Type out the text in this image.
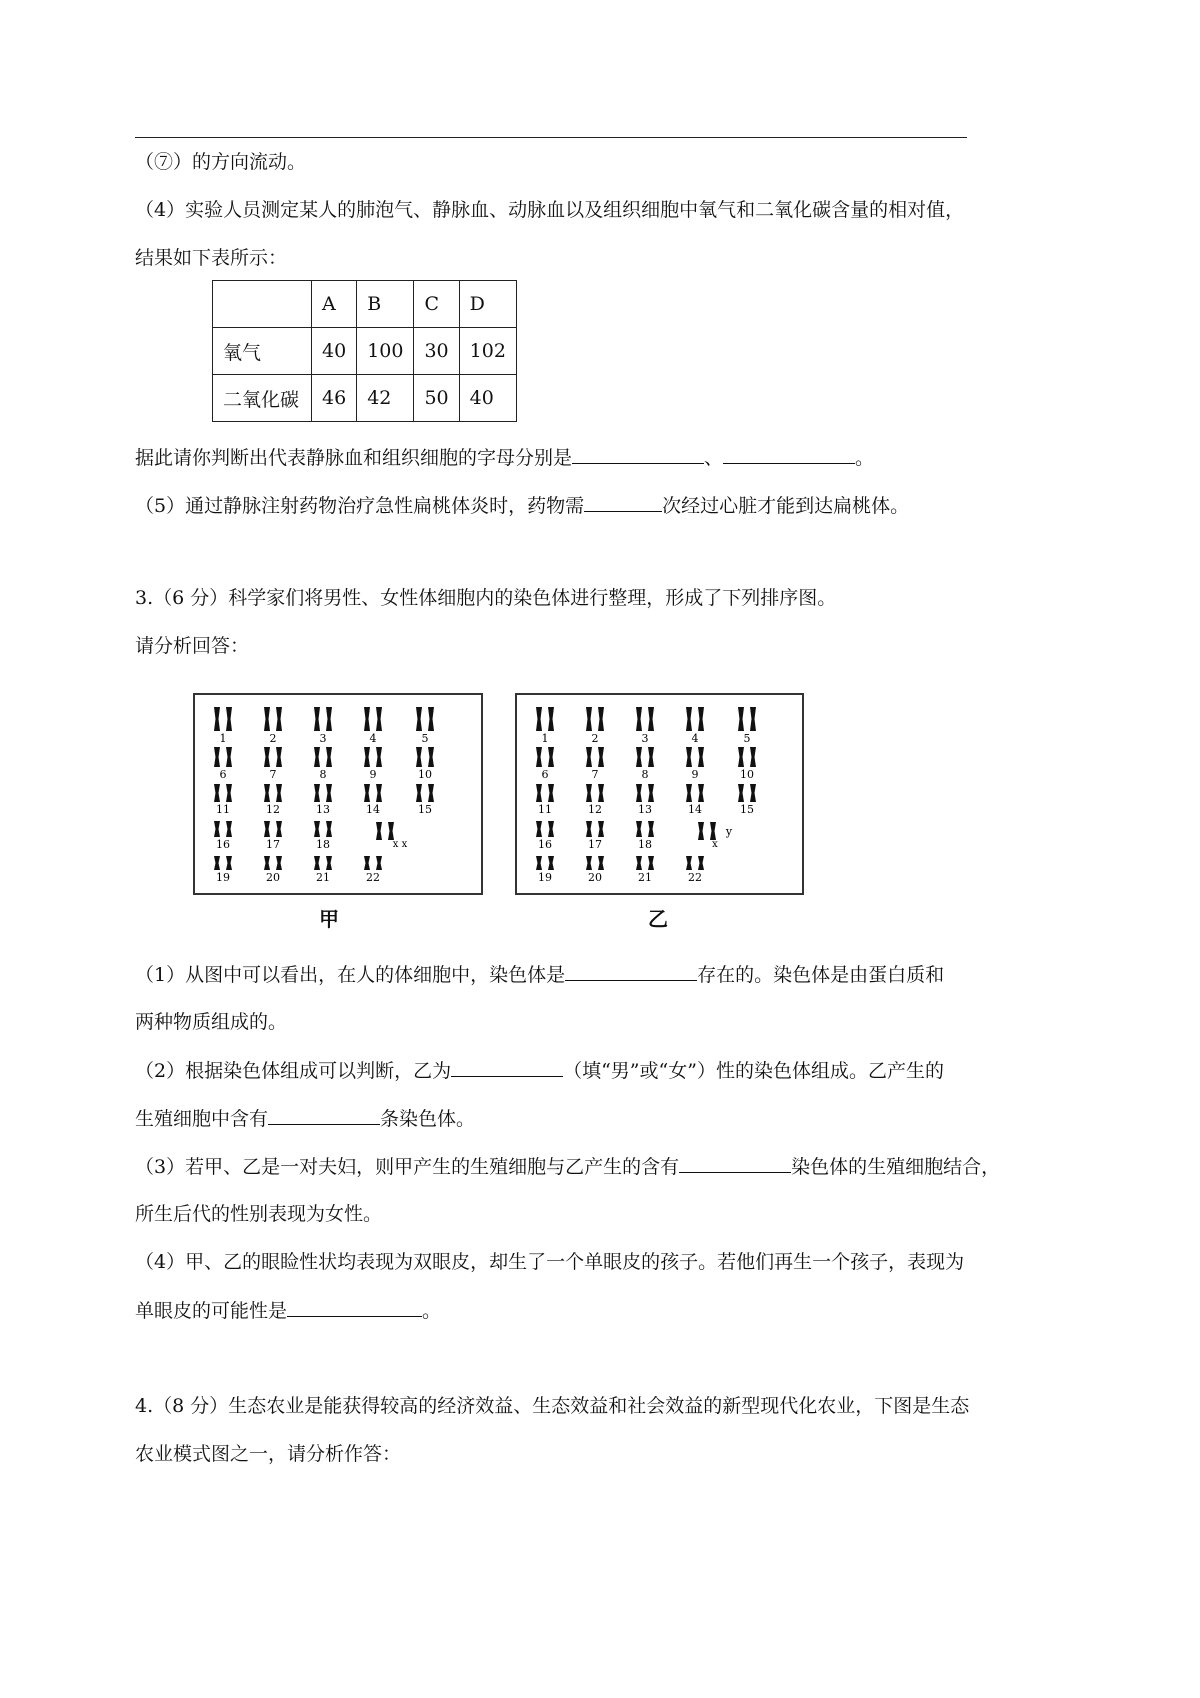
（⑦）的方向流动。
（4）实验人员测定某人的肺泡气、静脉血、动脉血以及组织细胞中氧气和二氧化碳含量的相对值，
结果如下表所示：
	A	B	C	D
氧气	40	100	30	102
二氧化碳	46	42	50	40
据此请你判断出代表静脉血和组织细胞的字母分别是	、	。
（5）通过静脉注射药物治疗急性扁桃体炎时，药物需	次经过心脏才能到达扁桃体。
3.（6 分）科学家们将男性、女性体细胞内的染色体进行整理，形成了下列排序图。
请分析回答：
1	2	3	4	5
6	7	8	9	10
11	12	13	14	15
16	17	18
19	20	21	22
x x
甲
1	2	3	4	5
6	7	8	9	10
11	12	13	14	15
16	17	18
19	20	21	22
x
y
乙
（1）从图中可以看出，在人的体细胞中，染色体是	存在的。染色体是由蛋白质和
两种物质组成的。
（2）根据染色体组成可以判断，乙为	（填“男”或“女”）性的染色体组成。乙产生的
生殖细胞中含有	条染色体。
（3）若甲、乙是一对夫妇，则甲产生的生殖细胞与乙产生的含有	染色体的生殖细胞结合，
所生后代的性别表现为女性。
（4）甲、乙的眼睑性状均表现为双眼皮，却生了一个单眼皮的孩子。若他们再生一个孩子，表现为
单眼皮的可能性是	。
4.（8 分）生态农业是能获得较高的经济效益、生态效益和社会效益的新型现代化农业，下图是生态
农业模式图之一，请分析作答：
